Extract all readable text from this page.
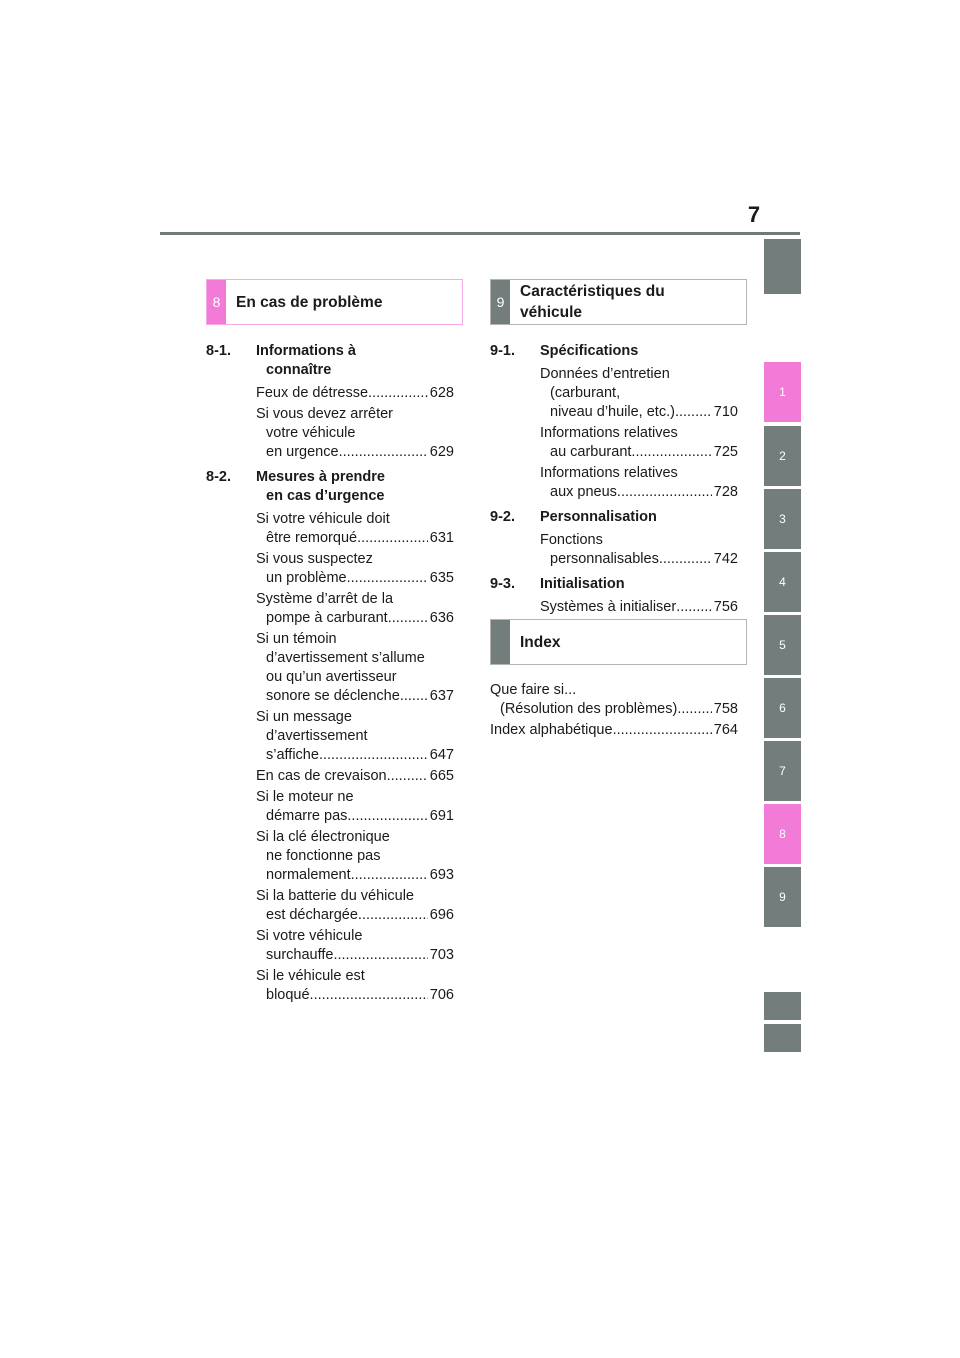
7
1
2
3
4
5
6
7
8
9
8	En cas de problème	9
Caractéristiques du
véhicule
Index
8-1. Informations à
connaître
Feux de détresse .....	628
Si vous devez arrêter
votre véhicule
en urgence .....	629
8-2. Mesures à prendre
en cas d’urgence
Si votre véhicule doit
être remorqué .....	631
Si vous suspectez
un problème .....	635
Système d’arrêt de la
pompe à carburant .....	636
Si un témoin
d’avertissement s’allume
ou qu’un avertisseur
sonore se déclenche ..... 637
Si un message
d’avertissement
s’affiche .....	647
En cas de crevaison .....	665
Si le moteur ne
démarre pas .....	691
Si la clé électronique
ne fonctionne pas
normalement .....	693
Si la batterie du véhicule
est déchargée .....	696
Si votre véhicule
surchauffe .....	703
Si le véhicule est
bloqué .....	706
9-1. Spécifications
Données d’entretien
(carburant,
niveau d’huile, etc.) .....	710
Informations relatives
au carburant .....	725
Informations relatives
aux pneus .....	728
9-2. Personnalisation
Fonctions
personnalisables .....	742
9-3. Initialisation
Systèmes à initialiser .....	756
Que faire si...
(Résolution des problèmes) .....	758
Index alphabétique .....	764
